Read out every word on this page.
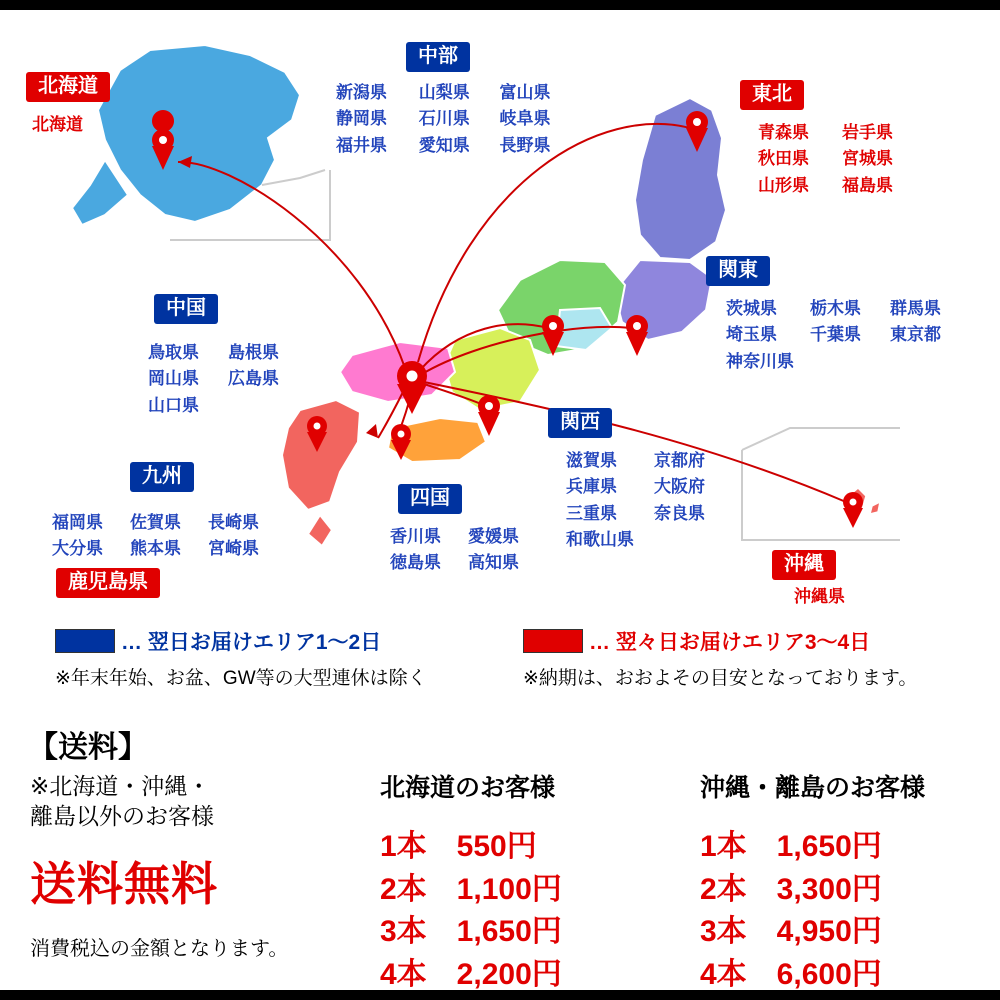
北海道
北海道
中部
新潟県 山梨県 富山県
静岡県 石川県 岐阜県
福井県 愛知県 長野県
東北
青森県 岩手県
秋田県 宮城県
山形県 福島県
関東
茨城県 栃木県 群馬県
埼玉県 千葉県 東京都
神奈川県
中国
鳥取県 島根県
岡山県 広島県
山口県
関西
滋賀県 京都府
兵庫県 大阪府
三重県 奈良県
和歌山県
九州
福岡県 佐賀県 長崎県
大分県 熊本県 宮崎県
鹿児島県
四国
香川県 愛媛県
徳島県 高知県	沖縄
沖縄県
… 翌日お届けエリア1～2日
※年末年始、お盆、GW等の大型連休は除く
… 翌々日お届けエリア3～4日
※納期は、おおよその目安となっております。
【送料】
※北海道・沖縄・
離島以外のお客様
送料無料
消費税込の金額となります。
北海道のお客様
1本　550円
2本　1,100円
3本　1,650円
4本　2,200円
沖縄・離島のお客様
1本　1,650円
2本　3,300円
3本　4,950円
4本　6,600円
